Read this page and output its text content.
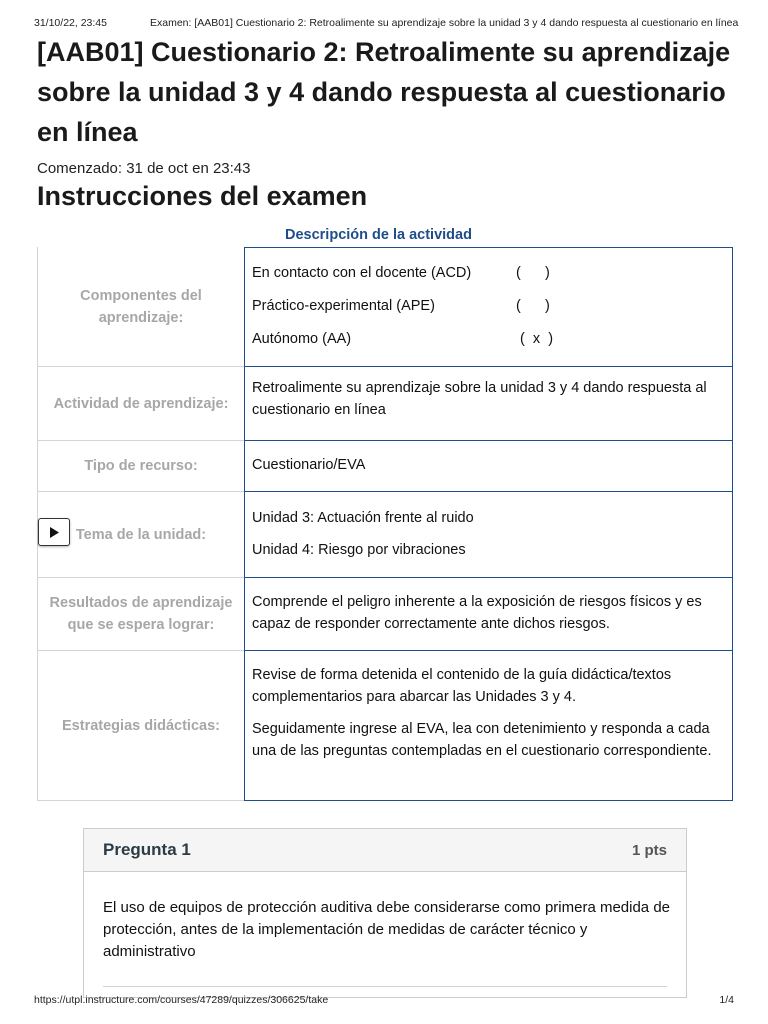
31/10/22, 23:45	Examen: [AAB01] Cuestionario 2: Retroalimente su aprendizaje sobre la unidad 3 y 4 dando respuesta al cuestionario en línea
[AAB01] Cuestionario 2: Retroalimente su aprendizaje sobre la unidad 3 y 4 dando respuesta al cuestionario en línea
Comenzado: 31 de oct en 23:43
Instrucciones del examen
Descripción de la actividad
Componentes del aprendizaje:
En contacto con el docente (ACD)	(      )
Práctico-experimental (APE)	(      )
Autónomo (AA)	(  x  )
Actividad de aprendizaje:

Retroalimente su aprendizaje sobre la unidad 3 y 4 dando respuesta al cuestionario en línea

Tipo de recurso:	Cuestionario/EVA

Tema de la unidad:

Unidad 3: Actuación frente al ruido

Unidad 4: Riesgo por vibraciones

Resultados de aprendizaje que se espera lograr:

Comprende el peligro inherente a la exposición de riesgos físicos y es capaz de responder correctamente ante dichos riesgos.

Estrategias didácticas:

Revise de forma detenida el contenido de la guía didáctica/textos complementarios para abarcar las Unidades 3 y 4.

Seguidamente ingrese al EVA, lea con detenimiento y responda a cada una de las preguntas contempladas en el cuestionario correspondiente.

Pregunta 1	1 pts
El uso de equipos de protección auditiva debe considerarse como primera medida de protección, antes de la implementación de medidas de carácter técnico y administrativo
https://utpl.instructure.com/courses/47289/quizzes/306625/take	1/4
